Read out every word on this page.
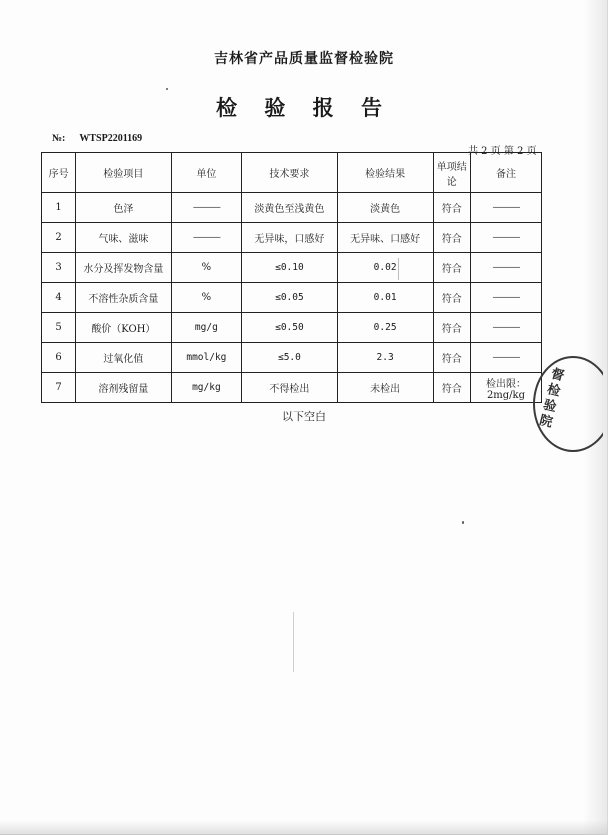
吉林省产品质量监督检验院
检 验 报 告
№: WTSP2201169
共 2 页 第 2 页
序号	检验项目	单位	技术要求	检验结果	单项结论	备注
1	色泽	———	淡黄色至浅黄色	淡黄色	符合	———
2	气味、滋味	———	无异味，口感好	无异味、口感好	符合	———
3	水分及挥发物含量	%	≤0.10	0.02	符合	———
4	不溶性杂质含量	%	≤0.05	0.01	符合	———
5	酸价（KOH）	mg/g	≤0.50	0.25	符合	———
6	过氧化值	mmol/kg	≤5.0	2.3	符合	———
7	溶剂残留量	mg/kg	不得检出	未检出	符合	检出限：2mg/kg
以下空白
督检验院
